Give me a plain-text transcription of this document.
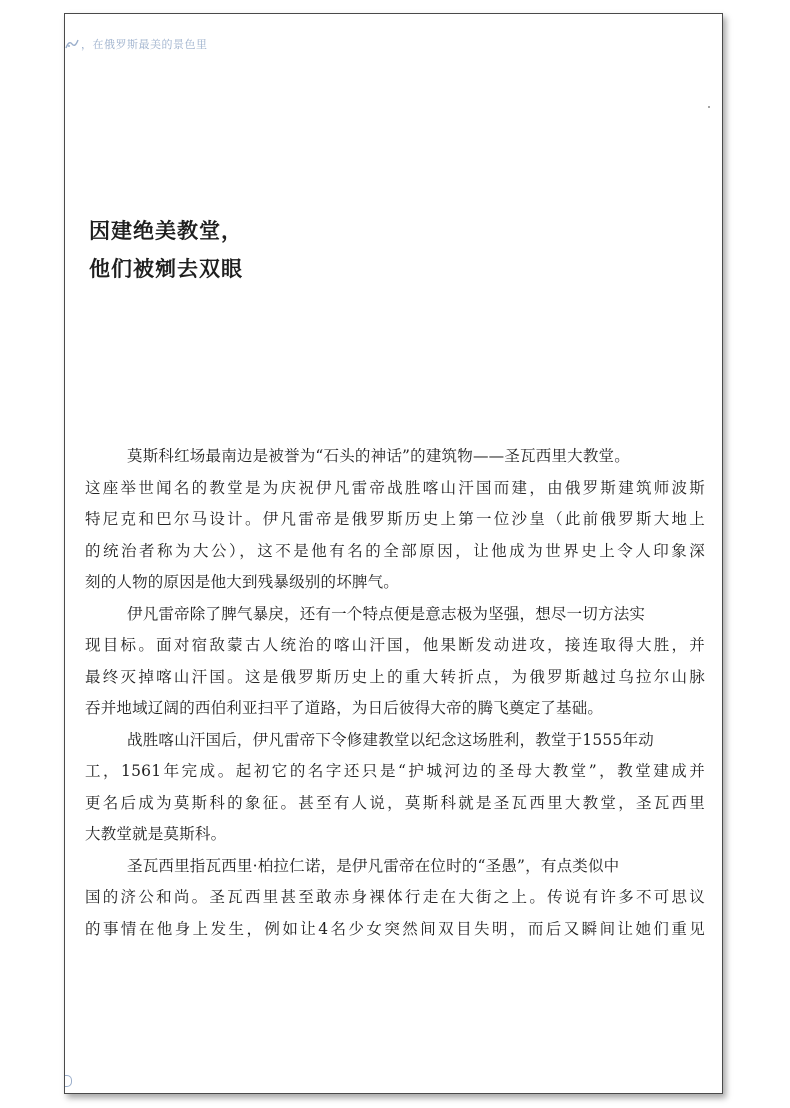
，在俄罗斯最美的景色里
因建绝美教堂，
他们被剜去双眼
莫斯科红场最南边是被誉为“石头的神话”的建筑物——圣瓦西里大教堂。
这座举世闻名的教堂是为庆祝伊凡雷帝战胜喀山汗国而建，由俄罗斯建筑师波斯
特尼克和巴尔马设计。伊凡雷帝是俄罗斯历史上第一位沙皇（此前俄罗斯大地上
的统治者称为大公），这不是他有名的全部原因，让他成为世界史上令人印象深
刻的人物的原因是他大到残暴级别的坏脾气。
伊凡雷帝除了脾气暴戾，还有一个特点便是意志极为坚强，想尽一切方法实
现目标。面对宿敌蒙古人统治的喀山汗国，他果断发动进攻，接连取得大胜，并
最终灭掉喀山汗国。这是俄罗斯历史上的重大转折点，为俄罗斯越过乌拉尔山脉
吞并地域辽阔的西伯利亚扫平了道路，为日后彼得大帝的腾飞奠定了基础。
战胜喀山汗国后，伊凡雷帝下令修建教堂以纪念这场胜利，教堂于1555年动
工，1561年完成。起初它的名字还只是“护城河边的圣母大教堂”，教堂建成并
更名后成为莫斯科的象征。甚至有人说，莫斯科就是圣瓦西里大教堂，圣瓦西里
大教堂就是莫斯科。
圣瓦西里指瓦西里·柏拉仁诺，是伊凡雷帝在位时的“圣愚”，有点类似中
国的济公和尚。圣瓦西里甚至敢赤身裸体行走在大街之上。传说有许多不可思议
的事情在他身上发生，例如让4名少女突然间双目失明，而后又瞬间让她们重见
